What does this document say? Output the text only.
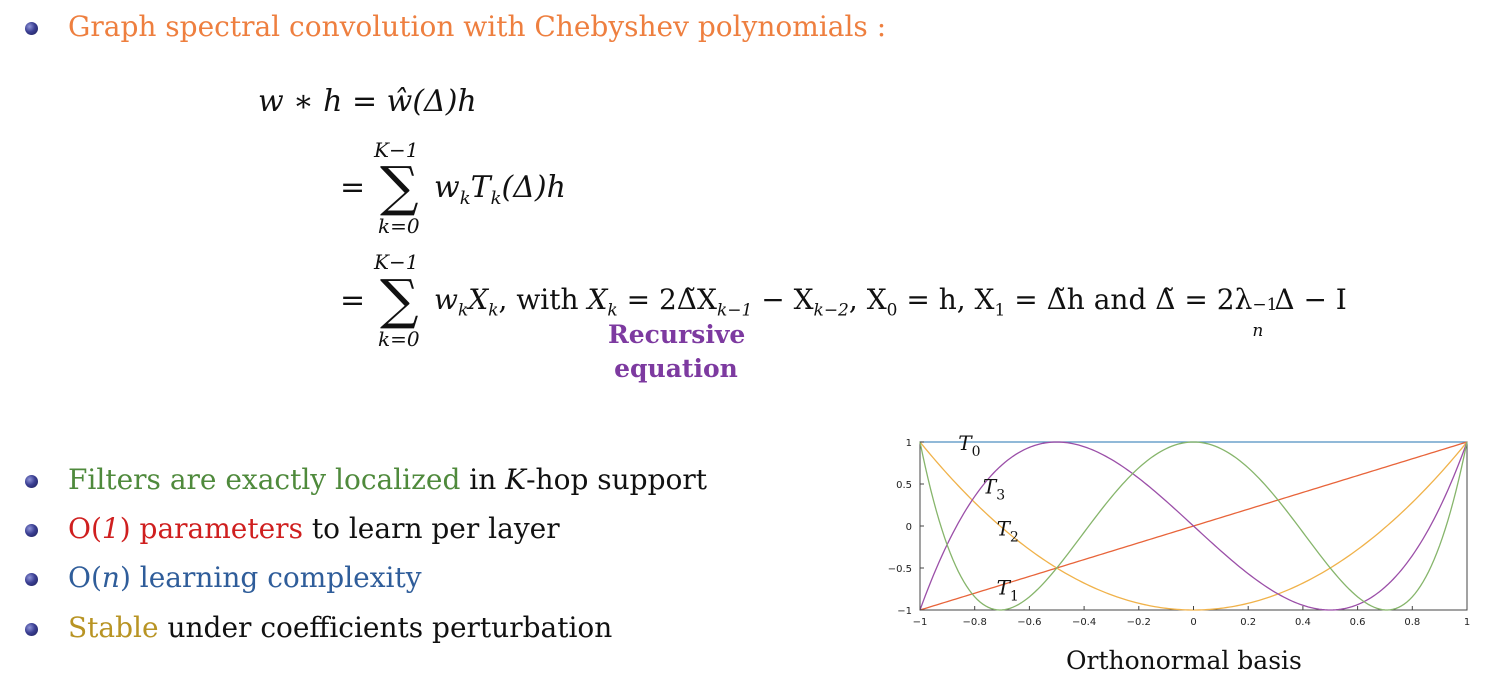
Graph spectral convolution with Chebyshev polynomials :
w ∗ h = ŵ(Δ)h
K−1
= ∑
k=0
$w_kT_k(\Delta)h$
K−1
= ∑
k=0
$w_kX_k$, with $X_k$ = $2\DeltãX_{k-1} - X_{k-2}$, $X_0 = h$, $X_1$ = Δ̃h and Δ̃ = 2λ −1
n
Δ − I
Recursive
equation
Filters are exactly localized in K-hop support
O(1) parameters to learn per layer
O(n) learning complexity
Stable under coefficients perturbation	−1	−0.8	−0.6	−0.4	−0.2	0	0.2	0.4	0.6	0.8	1
1
0.5
0
−0.5
−1
$T_0$
$T_1$
$T_2$
$T_3$
Orthonormal basis
